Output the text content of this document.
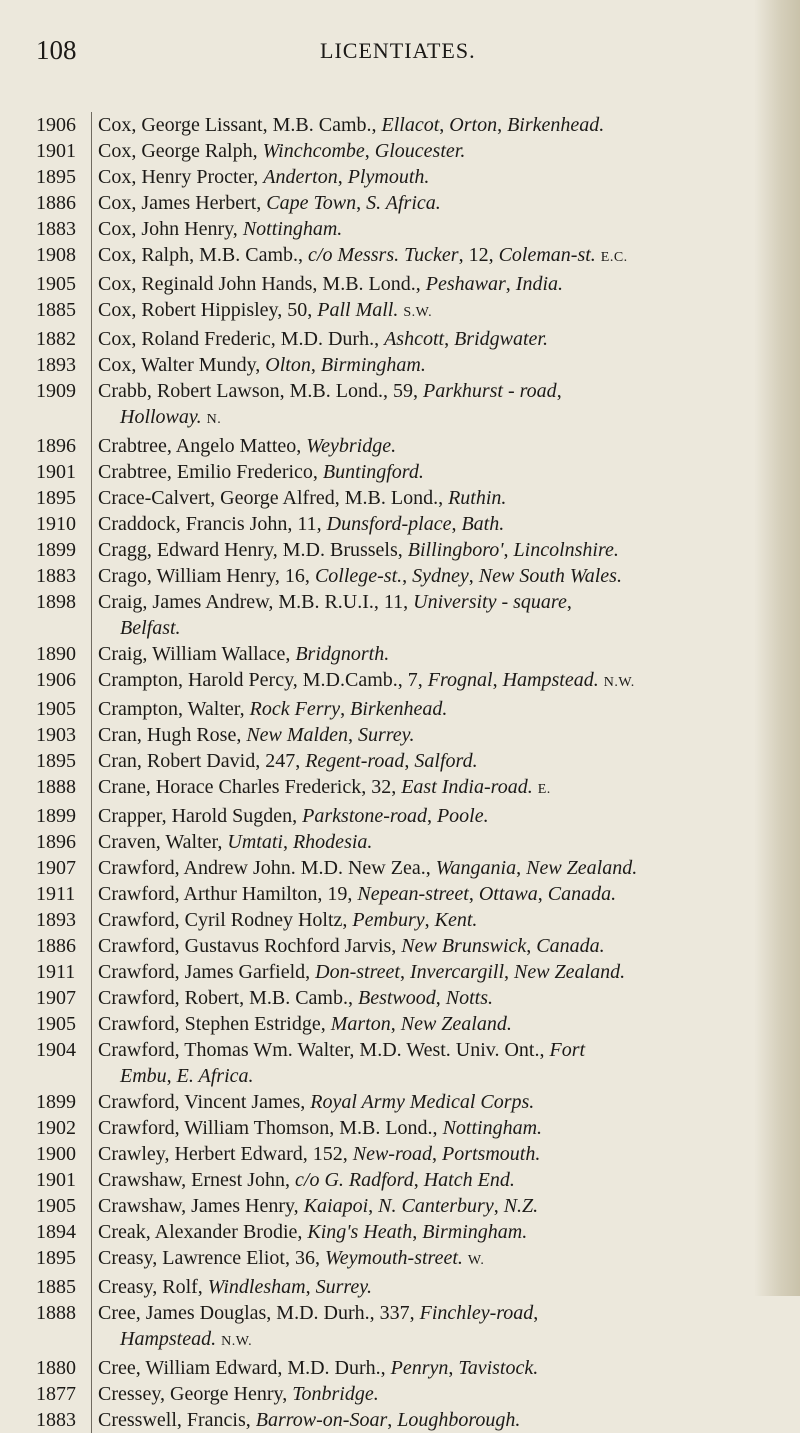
108	LICENTIATES.
1906	Cox, George Lissant, M.B. Camb., Ellacot, Orton, Birkenhead.
1901	Cox, George Ralph, Winchcombe, Gloucester.
1895	Cox, Henry Procter, Anderton, Plymouth.
1886	Cox, James Herbert, Cape Town, S. Africa.
1883	Cox, John Henry, Nottingham.
1908	Cox, Ralph, M.B. Camb., c/o Messrs. Tucker, 12, Coleman-st. E.C.
1905	Cox, Reginald John Hands, M.B. Lond., Peshawar, India.
1885	Cox, Robert Hippisley, 50, Pall Mall. S.W.
1882	Cox, Roland Frederic, M.D. Durh., Ashcott, Bridgwater.
1893	Cox, Walter Mundy, Olton, Birmingham.
1909	Crabb, Robert Lawson, M.B. Lond., 59, Parkhurst - road,
Holloway. N.
1896	Crabtree, Angelo Matteo, Weybridge.
1901	Crabtree, Emilio Frederico, Buntingford.
1895	Crace-Calvert, George Alfred, M.B. Lond., Ruthin.
1910	Craddock, Francis John, 11, Dunsford-place, Bath.
1899	Cragg, Edward Henry, M.D. Brussels, Billingboro', Lincolnshire.
1883	Crago, William Henry, 16, College-st., Sydney, New South Wales.
1898	Craig, James Andrew, M.B. R.U.I., 11, University - square,
Belfast.
1890	Craig, William Wallace, Bridgnorth.
1906	Crampton, Harold Percy, M.D.Camb., 7, Frognal, Hampstead. N.W.
1905	Crampton, Walter, Rock Ferry, Birkenhead.
1903	Cran, Hugh Rose, New Malden, Surrey.
1895	Cran, Robert David, 247, Regent-road, Salford.
1888	Crane, Horace Charles Frederick, 32, East India-road. E.
1899	Crapper, Harold Sugden, Parkstone-road, Poole.
1896	Craven, Walter, Umtati, Rhodesia.
1907	Crawford, Andrew John. M.D. New Zea., Wangania, New Zealand.
1911	Crawford, Arthur Hamilton, 19, Nepean-street, Ottawa, Canada.
1893	Crawford, Cyril Rodney Holtz, Pembury, Kent.
1886	Crawford, Gustavus Rochford Jarvis, New Brunswick, Canada.
1911	Crawford, James Garfield, Don-street, Invercargill, New Zealand.
1907	Crawford, Robert, M.B. Camb., Bestwood, Notts.
1905	Crawford, Stephen Estridge, Marton, New Zealand.
1904	Crawford, Thomas Wm. Walter, M.D. West. Univ. Ont., Fort
Embu, E. Africa.
1899	Crawford, Vincent James, Royal Army Medical Corps.
1902	Crawford, William Thomson, M.B. Lond., Nottingham.
1900	Crawley, Herbert Edward, 152, New-road, Portsmouth.
1901	Crawshaw, Ernest John, c/o G. Radford, Hatch End.
1905	Crawshaw, James Henry, Kaiapoi, N. Canterbury, N.Z.
1894	Creak, Alexander Brodie, King's Heath, Birmingham.
1895	Creasy, Lawrence Eliot, 36, Weymouth-street. W.
1885	Creasy, Rolf, Windlesham, Surrey.
1888	Cree, James Douglas, M.D. Durh., 337, Finchley-road,
Hampstead. N.W.
1880	Cree, William Edward, M.D. Durh., Penryn, Tavistock.
1877	Cressey, George Henry, Tonbridge.
1883	Cresswell, Francis, Barrow-on-Soar, Loughborough.
